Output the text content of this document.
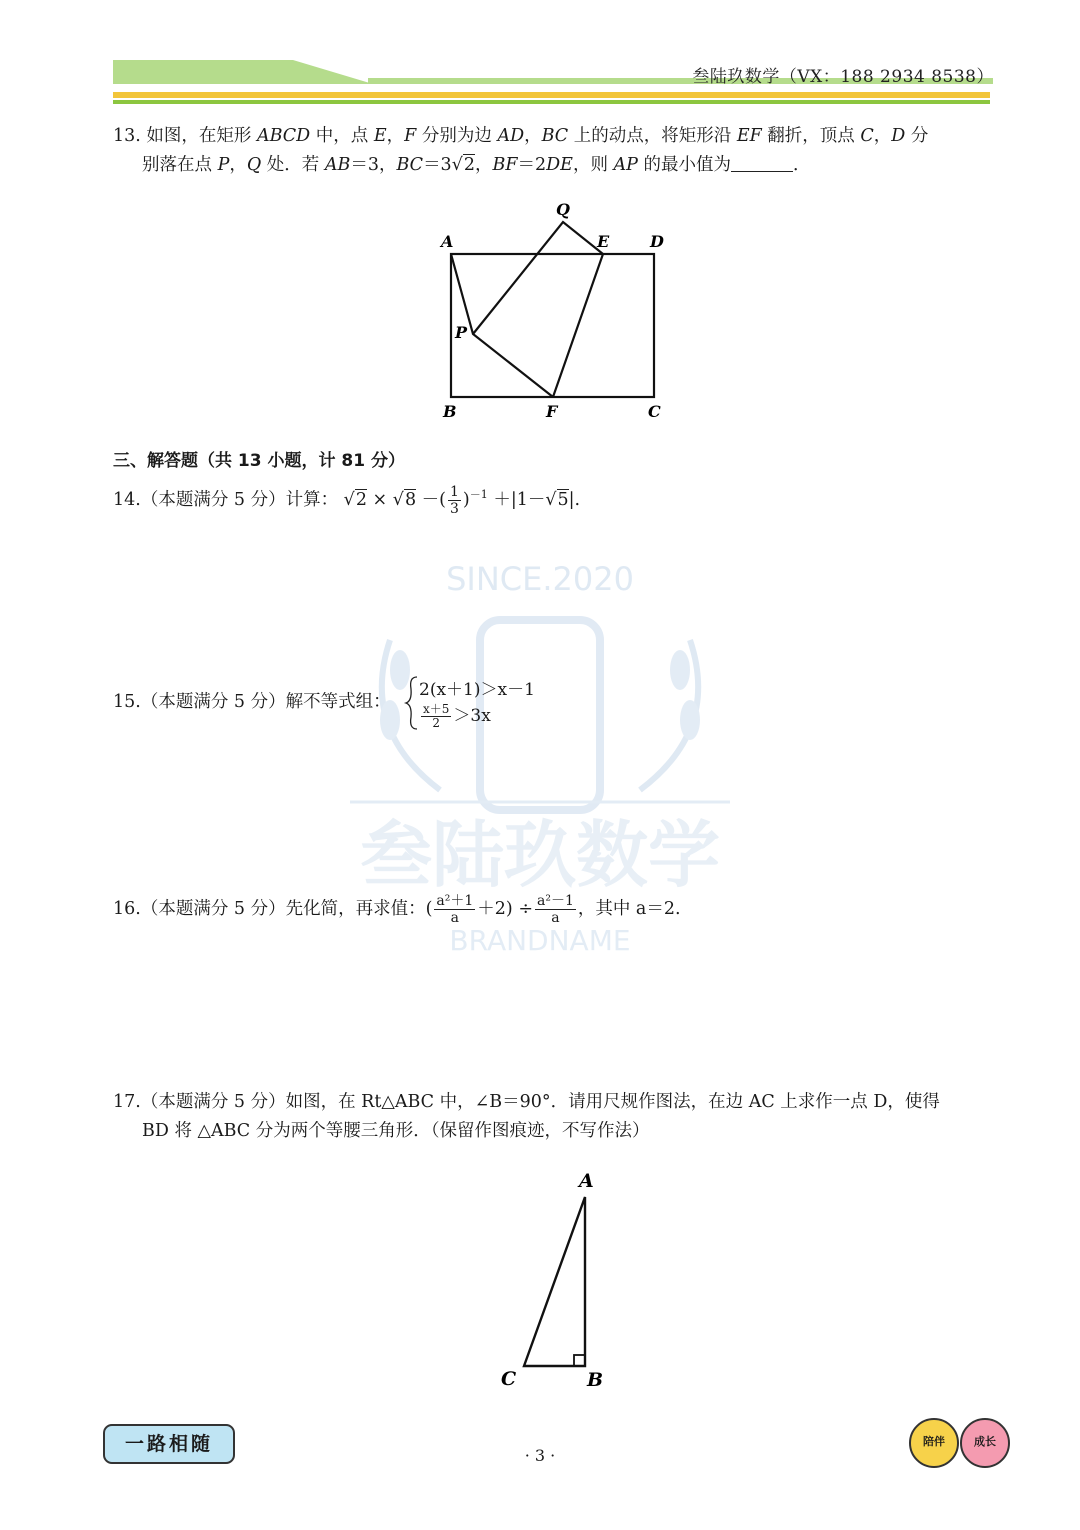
叁陆玖数学（VX：188 2934 8538）
SINCE.2020
叁陆玖数学
BRANDNAME
13. 如图，在矩形 ABCD 中，点 E，F 分别为边 AD，BC 上的动点，将矩形沿 EF 翻折，顶点 C，D 分
别落在点 P，Q 处．若 AB＝3，BC＝3√2，BF＝2DE，则 AP 的最小值为	．
Q
A	E	D
P
B	F	C
三、解答题（共 13 小题，计 81 分）
14.（本题满分 5 分）计算： √2 × √8 －( $\frac{1}{3} )^{-1} +|1-√5|$.
15.（本题满分 5 分）解不等式组：
2(x＋1)＞x－1
$\frac{x+5}{2} >3x$
16.（本题满分 5 分）先化简，再求值：( $\frac{\text{a²＋1}}{a} +2) \div \frac{\text{a²－1}}{a}$ ，其中 a＝2.
17.（本题满分 5 分）如图，在 Rt△ABC 中，∠B＝90°．请用尺规作图法，在边 AC 上求作一点 D，使得
BD 将 △ABC 分为两个等腰三角形．（保留作图痕迹，不写作法）
A
C	B
一路相随
· 3 ·
陪伴	成长
